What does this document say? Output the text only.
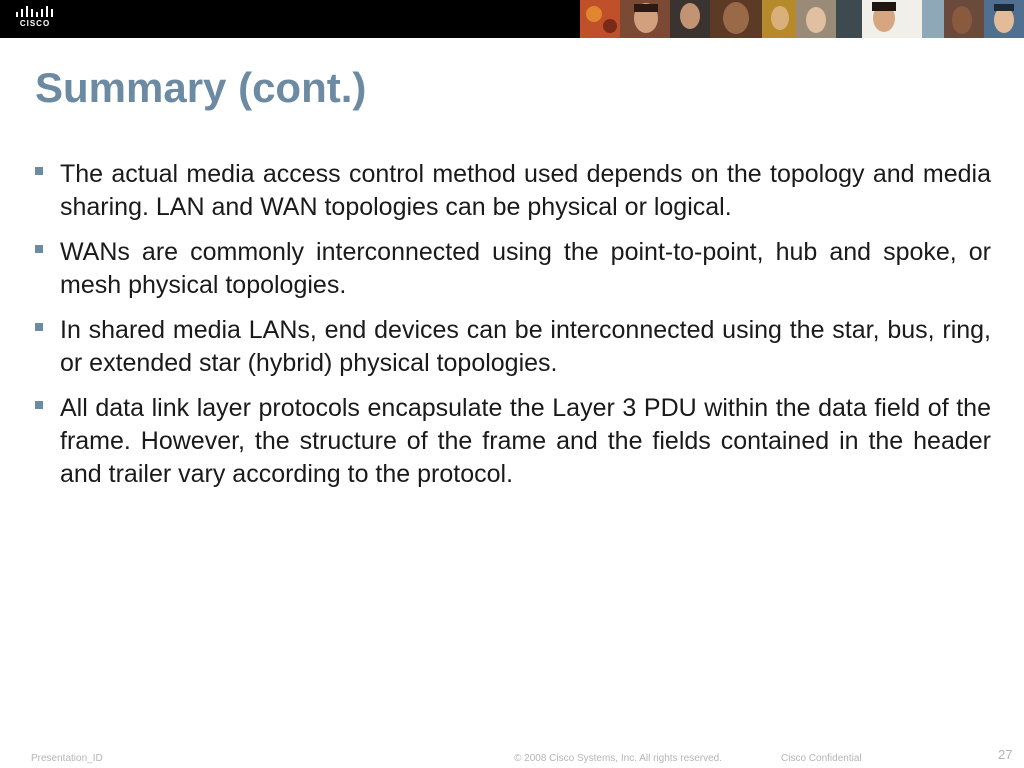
CISCO
Summary (cont.)
The actual media access control method used depends on the topology and media sharing. LAN and WAN topologies can be physical or logical.
WANs are commonly interconnected using the point-to-point, hub and spoke, or mesh physical topologies.
In shared media LANs, end devices can be interconnected using the star, bus, ring, or extended star (hybrid) physical topologies.
All data link layer protocols encapsulate the Layer 3 PDU within the data field of the frame. However, the structure of the frame and the fields contained in the header and trailer vary according to the protocol.
Presentation_ID	© 2008 Cisco Systems, Inc. All rights reserved.	Cisco Confidential	27
